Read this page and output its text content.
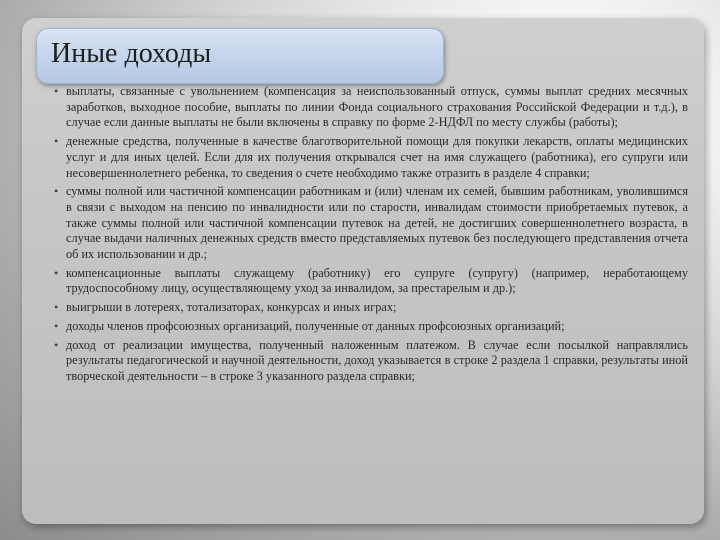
Иные доходы
• выплаты, связанные с увольнением (компенсация за неиспользованный отпуск, суммы выплат средних месячных заработков, выходное пособие, выплаты по линии Фонда социального страхования Российской Федерации и т.д.), в случае если данные выплаты не были включены в справку по форме 2-НДФЛ по месту службы (работы);
• денежные средства, полученные в качестве благотворительной помощи для покупки лекарств, оплаты медицинских услуг и для иных целей. Если для их получения открывался счет на имя служащего (работника), его супруги или несовершеннолетнего ребенка, то сведения о счете необходимо также отразить в разделе 4 справки;
• суммы полной или частичной компенсации работникам и (или) членам их семей, бывшим работникам, уволившимся в связи с выходом на пенсию по инвалидности или по старости, инвалидам стоимости приобретаемых путевок, а также суммы полной или частичной компенсации путевок на детей, не достигших совершеннолетнего возраста, в случае выдачи наличных денежных средств вместо представляемых путевок без последующего представления отчета об их использовании и др.;
• компенсационные выплаты служащему (работнику) его супруге (супругу) (например, неработающему трудоспособному лицу, осуществляющему уход за инвалидом, за престарелым и др.);
• выигрыши в лотереях, тотализаторах, конкурсах и иных играх;
• доходы членов профсоюзных организаций, полученные от данных профсоюзных организаций;
• доход от реализации имущества, полученный наложенным платежом. В случае если посылкой направлялись результаты педагогической и научной деятельности, доход указывается в строке 2 раздела 1 справки, результаты иной творческой деятельности – в строке 3 указанного раздела справки;
